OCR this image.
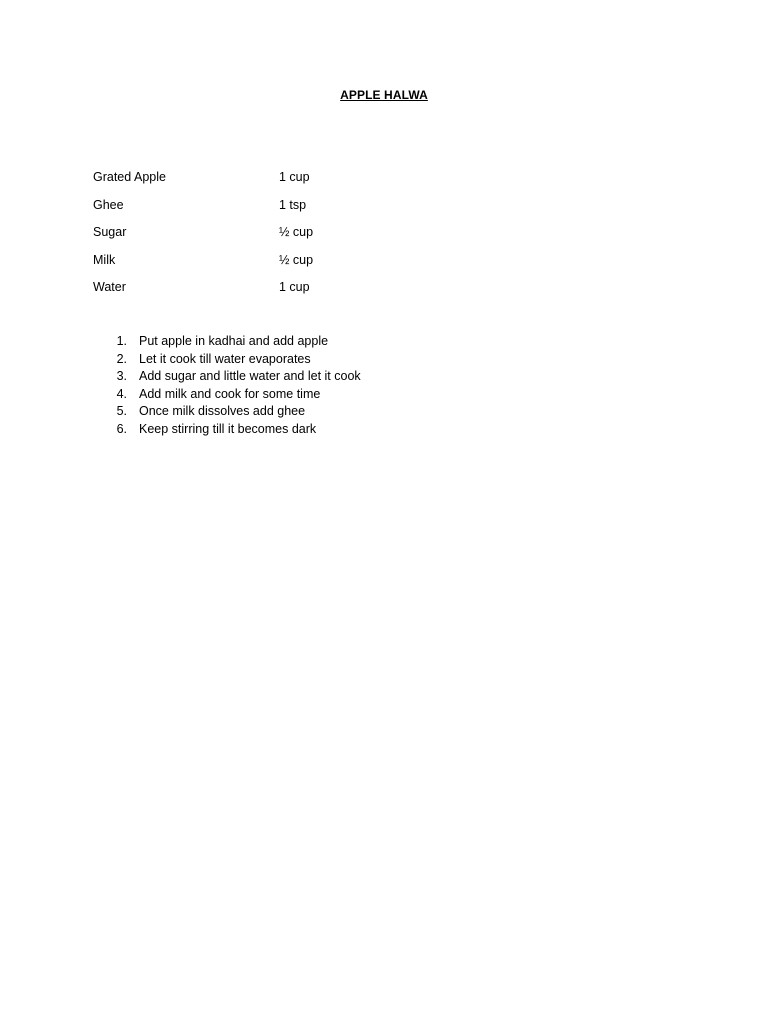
APPLE HALWA
Grated Apple	1 cup
Ghee	1 tsp
Sugar	½ cup
Milk	½ cup
Water	1 cup
1. Put apple in kadhai and add apple
2. Let it cook till water evaporates
3. Add sugar and little water and let it cook
4. Add milk and cook for some time
5. Once milk dissolves add ghee
6. Keep stirring till it becomes dark
